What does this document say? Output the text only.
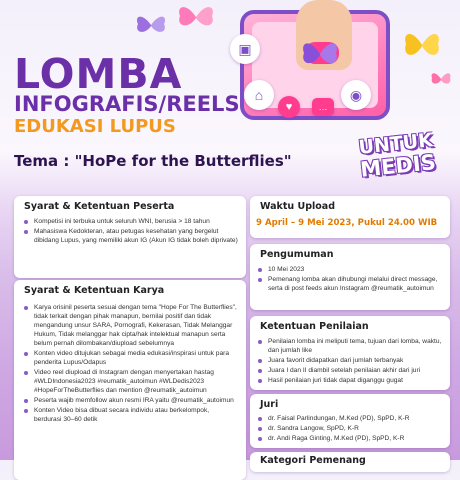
▣
⌂	◉
♥	…
LOMBA
INFOGRAFIS/REELS
EDUKASI LUPUS
Tema : "HoPe for the Butterflies"
UNTUK
MEDIS
Syarat & Ketentuan Peserta
Kompetisi ini terbuka untuk seluruh WNI, berusia > 18 tahun
Mahasiswa Kedokteran, atau petugas kesehatan yang bergelut dibidang Lupus, yang memiliki akun IG (Akun IG tidak boleh diprivate)
Syarat & Ketentuan Karya
Karya orisinil peserta sesuai dengan tema "Hope For The Butterflies", tidak terkait dengan pihak manapun, bernilai positif dan tidak mengandung unsur SARA, Pornografi, Kekerasan, Tidak Melanggar Hukum, Tidak melanggar hak cipta/hak intelektual manapun serta belum pernah dilombakan/diupload sebelumnya
Konten video ditujukan sebagai media edukasi/inspirasi untuk para penderita Lupus/Odapus
Video reel diupload di Instagram dengan menyertakan hastag #WLDIndonesia2023 #reumatik_autoimun #WLDedis2023 #HopeForTheButterflies dan mention @reumatik_autoimun
Peserta wajib memfollow akun resmi IRA yaitu @reumatik_autoimun
Konten Video bisa dibuat secara individu atau berkelompok, berdurasi 30–60 detik
Waktu Upload
9 April – 9 Mei 2023, Pukul 24.00 WIB
Pengumuman
10 Mei 2023
Pemenang lomba akan dihubungi melalui direct message, serta di post feeds akun Instagram @reumatik_autoimun
Ketentuan Penilaian
Penilaian lomba ini meliputi tema, tujuan dari lomba, waktu, dan jumlah like
Juara favorit didapatkan dari jumlah terbanyak
Juara I dan II diambil setelah penilaian akhir dari juri
Hasil penilaian juri tidak dapat diganggu gugat
Juri
dr. Faisal Parlindungan, M.Ked (PD), SpPD, K-R
dr. Sandra Langow, SpPD, K-R
dr. Andi Raga Ginting, M.Ked (PD), SpPD, K-R
Kategori Pemenang
